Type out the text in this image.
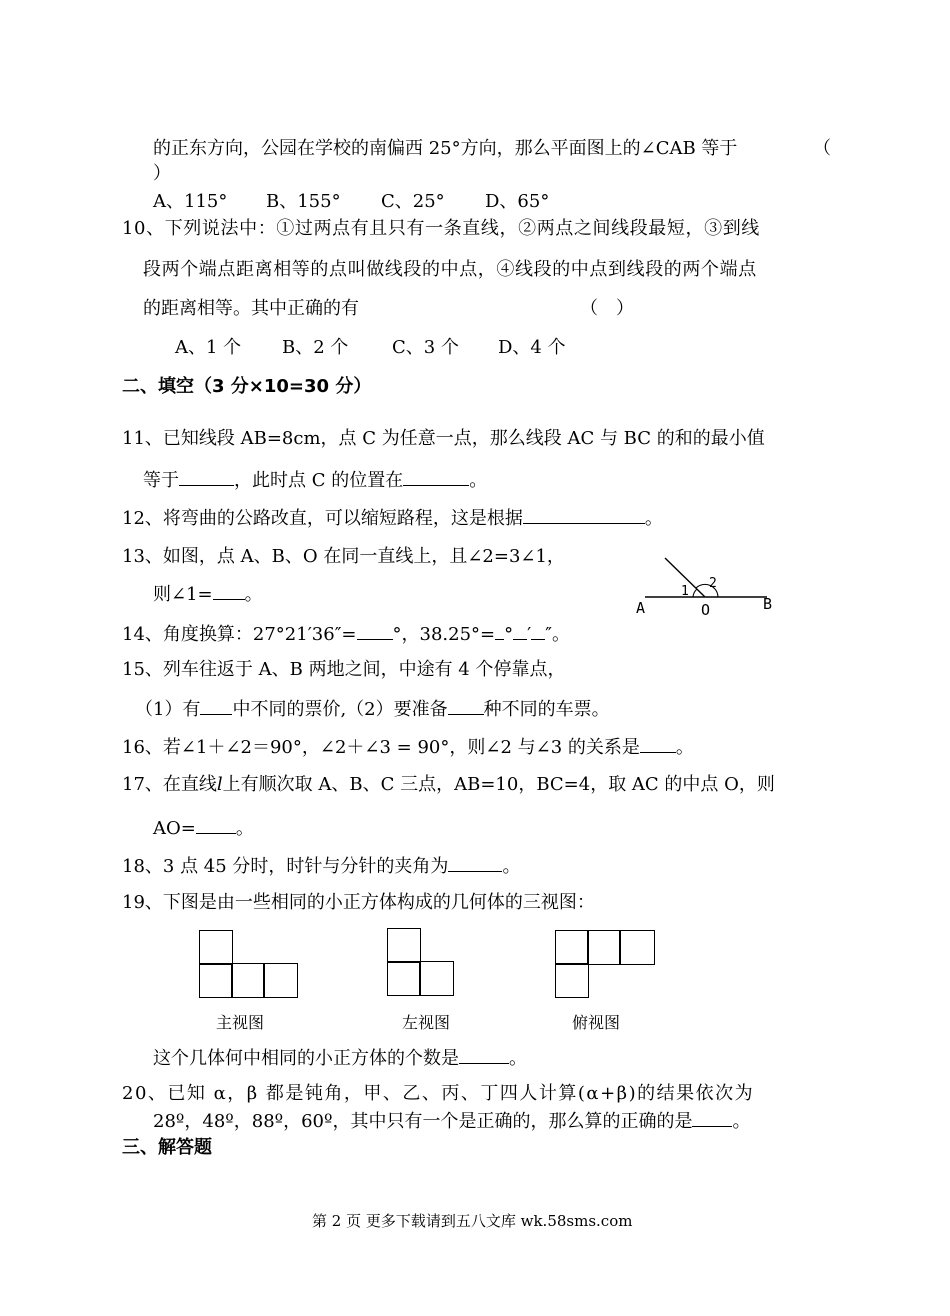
的正东方向，公园在学校的南偏西 25°方向，那么平面图上的∠CAB 等于	（
）
A、115° B、155° C、25° D、65°
10、下列说法中：①过两点有且只有一条直线，②两点之间线段最短，③到线
段两个端点距离相等的点叫做线段的中点，④线段的中点到线段的两个端点
的距离相等。其中正确的有	（　）
A、1 个 B、2 个 C、3 个 D、4 个
二、填空（3 分×10=30 分）
11、已知线段 AB=8cm，点 C 为任意一点，那么线段 AC 与 BC 的和的最小值
等于	，此时点 C 的位置在	。
12、将弯曲的公路改直，可以缩短路程，这是根据	。
13、如图，点 A、B、O 在同一直线上，且∠2=3∠1，
则∠1= 。
A	O	B
1
2
14、角度换算：27°21′36″= °，38.25°= ° ′ ″。
15、列车往返于 A、B 两地之间，中途有 4 个停靠点，
（1）有 中不同的票价,（2）要准备 种不同的车票。
16、若∠1＋∠2＝90°，∠2＋∠3 = 90°，则∠2 与∠3 的关系是 。
17、在直线l上有顺次取 A、B、C 三点，AB=10，BC=4，取 AC 的中点 O，则
AO= 。
18、3 点 45 分时，时针与分针的夹角为	。
19、下图是由一些相同的小正方体构成的几何体的三视图：
主视图	左视图	俯视图
这个几体何中相同的小正方体的个数是	。
20、已知 α，β 都是钝角，甲、乙、丙、丁四人计算(α+β)的结果依次为
28º，48º，88º，60º，其中只有一个是正确的，那么算的正确的是 。
三、解答题
第 2 页 更多下载请到五八文库 wk.58sms.com
